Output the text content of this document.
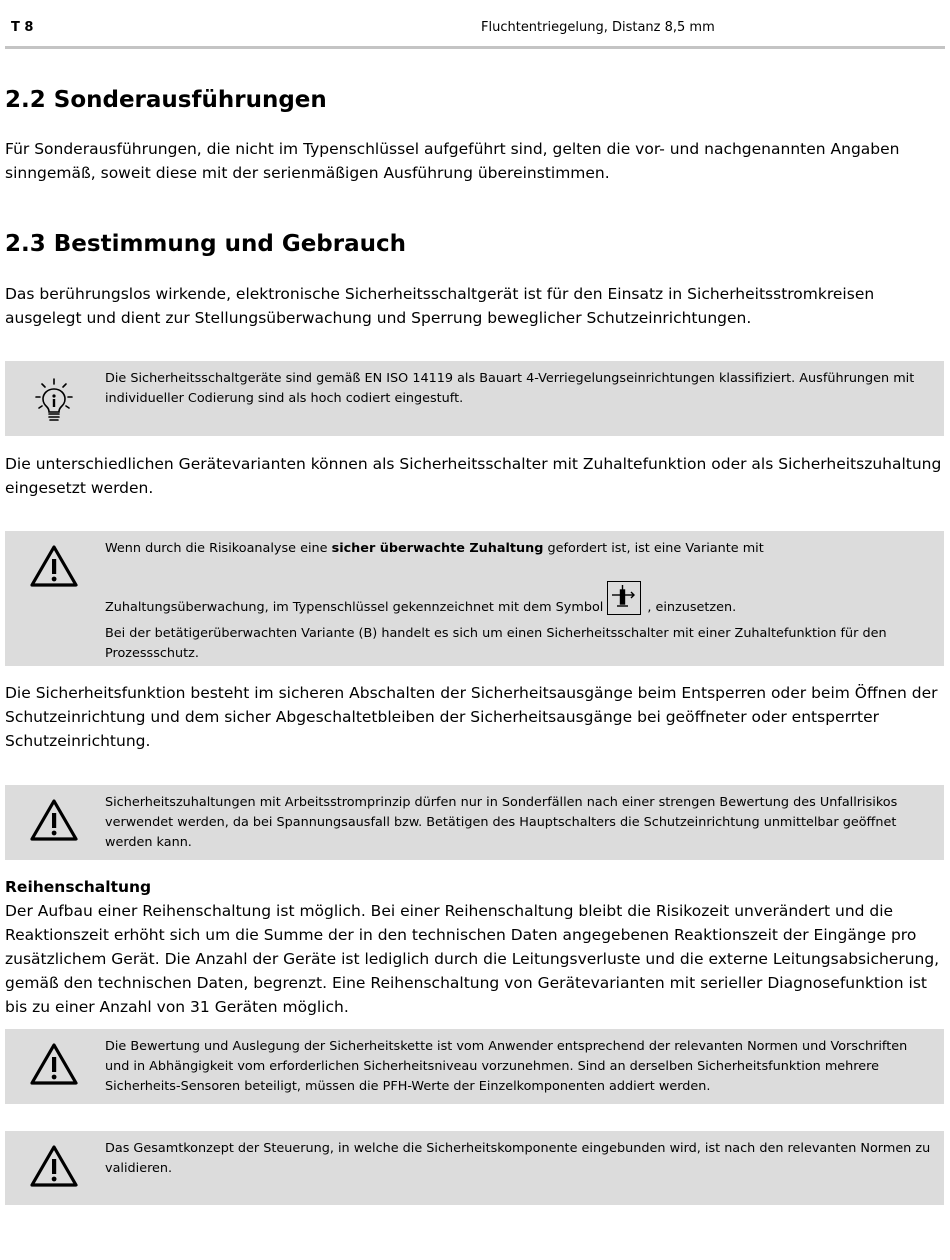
T 8	Fluchtentriegelung, Distanz 8,5 mm
2.2 Sonderausführungen

Für Sonderausführungen, die nicht im Typenschlüssel aufgeführt sind, gelten die vor- und nachgenannten Angaben sinngemäß, soweit diese mit der serienmäßigen Ausführung übereinstimmen.

2.3 Bestimmung und Gebrauch

Das berührungslos wirkende, elektronische Sicherheitsschaltgerät ist für den Einsatz in Sicherheitsstromkreisen ausgelegt und dient zur Stellungsüberwachung und Sperrung beweglicher Schutzeinrichtungen.

Die Sicherheitsschaltgeräte sind gemäß EN ISO 14119 als Bauart 4-Verriegelungseinrichtungen klassifiziert. Ausführungen mit individueller Codierung sind als hoch codiert eingestuft.

Die unterschiedlichen Gerätevarianten können als Sicherheitsschalter mit Zuhaltefunktion oder als Sicherheitszuhaltung eingesetzt werden.

Wenn durch die Risikoanalyse eine sicher überwachte Zuhaltung gefordert ist, ist eine Variante mit

Zuhaltungsüberwachung, im Typenschlüssel gekennzeichnet mit dem Symbol	, einzusetzen.

Bei der betätigerüberwachten Variante (B) handelt es sich um einen Sicherheitsschalter mit einer Zuhaltefunktion für den Prozessschutz.

Die Sicherheitsfunktion besteht im sicheren Abschalten der Sicherheitsausgänge beim Entsperren oder beim Öffnen der Schutzeinrichtung und dem sicher Abgeschaltetbleiben der Sicherheitsausgänge bei geöffneter oder entsperrter Schutzeinrichtung.

Sicherheitszuhaltungen mit Arbeitsstromprinzip dürfen nur in Sonderfällen nach einer strengen Bewertung des Unfallrisikos verwendet werden, da bei Spannungsausfall bzw. Betätigen des Hauptschalters die Schutzeinrichtung unmittelbar geöffnet werden kann.
Reihenschaltung

Der Aufbau einer Reihenschaltung ist möglich. Bei einer Reihenschaltung bleibt die Risikozeit unverändert und die Reaktionszeit erhöht sich um die Summe der in den technischen Daten angegebenen Reaktionszeit der Eingänge pro zusätzlichem Gerät. Die Anzahl der Geräte ist lediglich durch die Leitungsverluste und die externe Leitungsabsicherung, gemäß den technischen Daten, begrenzt. Eine Reihenschaltung von Gerätevarianten mit serieller Diagnosefunktion ist bis zu einer Anzahl von 31 Geräten möglich.

Die Bewertung und Auslegung der Sicherheitskette ist vom Anwender entsprechend der relevanten Normen und Vorschriften und in Abhängigkeit vom erforderlichen Sicherheitsniveau vorzunehmen. Sind an derselben Sicherheitsfunktion mehrere Sicherheits-Sensoren beteiligt, müssen die PFH-Werte der Einzelkomponenten addiert werden.
Das Gesamtkonzept der Steuerung, in welche die Sicherheitskomponente eingebunden wird, ist nach den relevanten Normen zu validieren.
